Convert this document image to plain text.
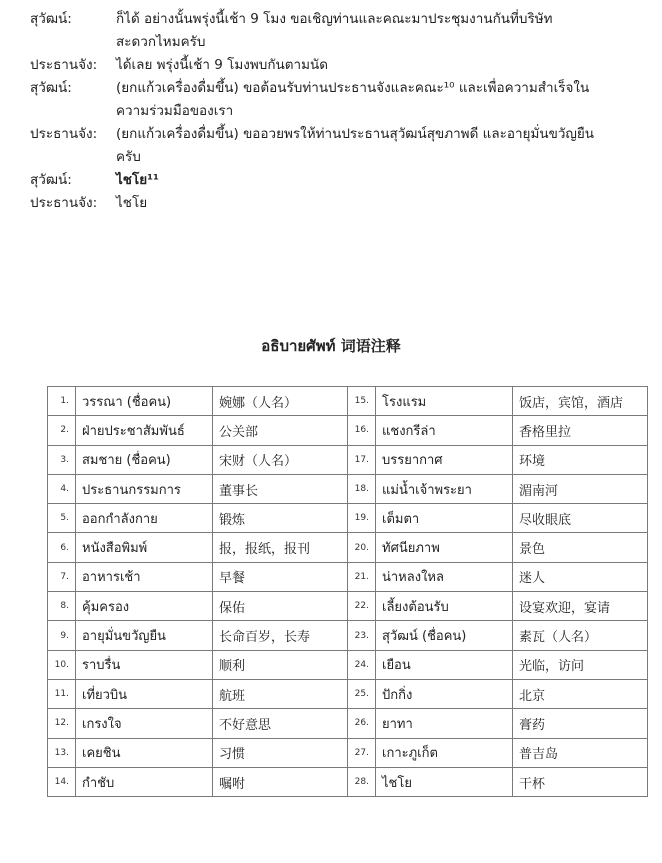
สุวัฒน์:	ก็ได้ อย่างนั้นพรุ่งนี้เช้า 9 โมง ขอเชิญท่านและคณะมาประชุมงานกันที่บริษัท
สะดวกไหมครับ
ประธานจัง:	ได้เลย พรุ่งนี้เช้า 9 โมงพบกันตามนัด
สุวัฒน์:	(ยกแก้วเครื่องดื่มขึ้น) ขอต้อนรับท่านประธานจังและคณะ¹⁰ และเพื่อความสำเร็จใน
ความร่วมมือของเรา
ประธานจัง:	(ยกแก้วเครื่องดื่มขึ้น) ขออวยพรให้ท่านประธานสุวัฒน์สุขภาพดี และอายุมั่นขวัญยืน
ครับ
สุวัฒน์:	ไชโย¹¹
ประธานจัง:	ไชโย
อธิบายศัพท์ 词语注释
1.	วรรณา (ชื่อคน)	婉娜（人名）	15.	โรงแรม	饭店，宾馆，酒店
2.	ฝ่ายประชาสัมพันธ์	公关部	16.	แชงกรีล่า	香格里拉
3.	สมชาย (ชื่อคน)	宋财（人名）	17.	บรรยากาศ	环境
4.	ประธานกรรมการ	董事长	18.	แม่น้ำเจ้าพระยา	湄南河
5.	ออกกำลังกาย	锻炼	19.	เต็มตา	尽收眼底
6.	หนังสือพิมพ์	报，报纸，报刊	20.	ทัศนียภาพ	景色
7.	อาหารเช้า	早餐	21.	น่าหลงใหล	迷人
8.	คุ้มครอง	保佑	22.	เลี้ยงต้อนรับ	设宴欢迎，宴请
9.	อายุมั่นขวัญยืน	长命百岁，长寿	23.	สุวัฒน์ (ชื่อคน)	素瓦（人名）
10.	ราบรื่น	顺利	24.	เยือน	光临，访问
11.	เที่ยวบิน	航班	25.	ปักกิ่ง	北京
12.	เกรงใจ	不好意思	26.	ยาทา	膏药
13.	เคยชิน	习惯	27.	เกาะภูเก็ต	普吉岛
14.	กำชับ	嘱咐	28.	ไชโย	干杯
